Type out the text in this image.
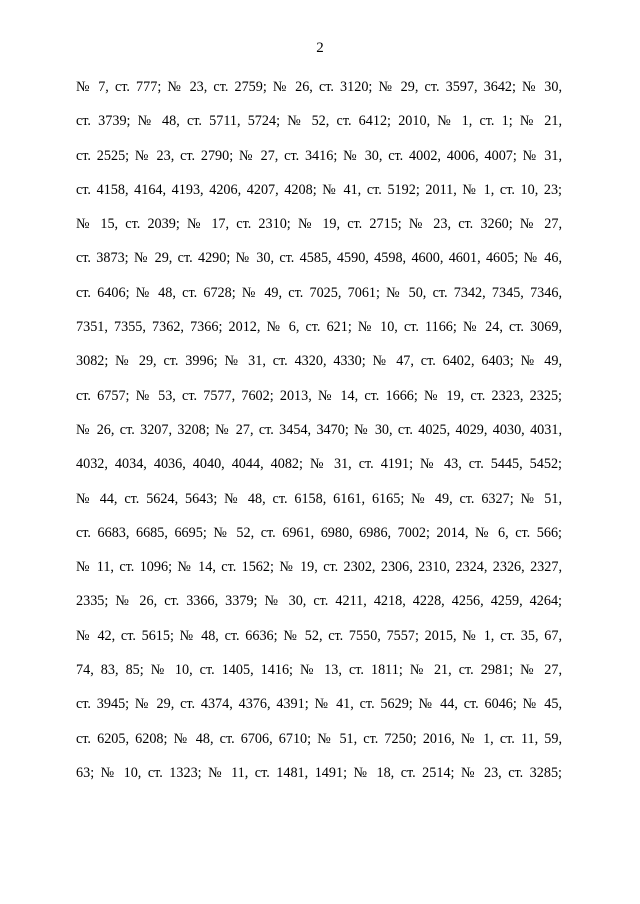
2
№ 7, ст. 777; № 23, ст. 2759; № 26, ст. 3120; № 29, ст. 3597, 3642; № 30,
ст. 3739; № 48, ст. 5711, 5724; № 52, ст. 6412; 2010, № 1, ст. 1; № 21,
ст. 2525; № 23, ст. 2790; № 27, ст. 3416; № 30, ст. 4002, 4006, 4007; № 31,
ст. 4158, 4164, 4193, 4206, 4207, 4208; № 41, ст. 5192; 2011, № 1, ст. 10, 23;
№ 15, ст. 2039; № 17, ст. 2310; № 19, ст. 2715; № 23, ст. 3260; № 27,
ст. 3873; № 29, ст. 4290; № 30, ст. 4585, 4590, 4598, 4600, 4601, 4605; № 46,
ст. 6406; № 48, ст. 6728; № 49, ст. 7025, 7061; № 50, ст. 7342, 7345, 7346,
7351, 7355, 7362, 7366; 2012, № 6, ст. 621; № 10, ст. 1166; № 24, ст. 3069,
3082; № 29, ст. 3996; № 31, ст. 4320, 4330; № 47, ст. 6402, 6403; № 49,
ст. 6757; № 53, ст. 7577, 7602; 2013, № 14, ст. 1666; № 19, ст. 2323, 2325;
№ 26, ст. 3207, 3208; № 27, ст. 3454, 3470; № 30, ст. 4025, 4029, 4030, 4031,
4032, 4034, 4036, 4040, 4044, 4082; № 31, ст. 4191; № 43, ст. 5445, 5452;
№ 44, ст. 5624, 5643; № 48, ст. 6158, 6161, 6165; № 49, ст. 6327; № 51,
ст. 6683, 6685, 6695; № 52, ст. 6961, 6980, 6986, 7002; 2014, № 6, ст. 566;
№ 11, ст. 1096; № 14, ст. 1562; № 19, ст. 2302, 2306, 2310, 2324, 2326, 2327,
2335; № 26, ст. 3366, 3379; № 30, ст. 4211, 4218, 4228, 4256, 4259, 4264;
№ 42, ст. 5615; № 48, ст. 6636; № 52, ст. 7550, 7557; 2015, № 1, ст. 35, 67,
74, 83, 85; № 10, ст. 1405, 1416; № 13, ст. 1811; № 21, ст. 2981; № 27,
ст. 3945; № 29, ст. 4374, 4376, 4391; № 41, ст. 5629; № 44, ст. 6046; № 45,
ст. 6205, 6208; № 48, ст. 6706, 6710; № 51, ст. 7250; 2016, № 1, ст. 11, 59,
63; № 10, ст. 1323; № 11, ст. 1481, 1491; № 18, ст. 2514; № 23, ст. 3285;
